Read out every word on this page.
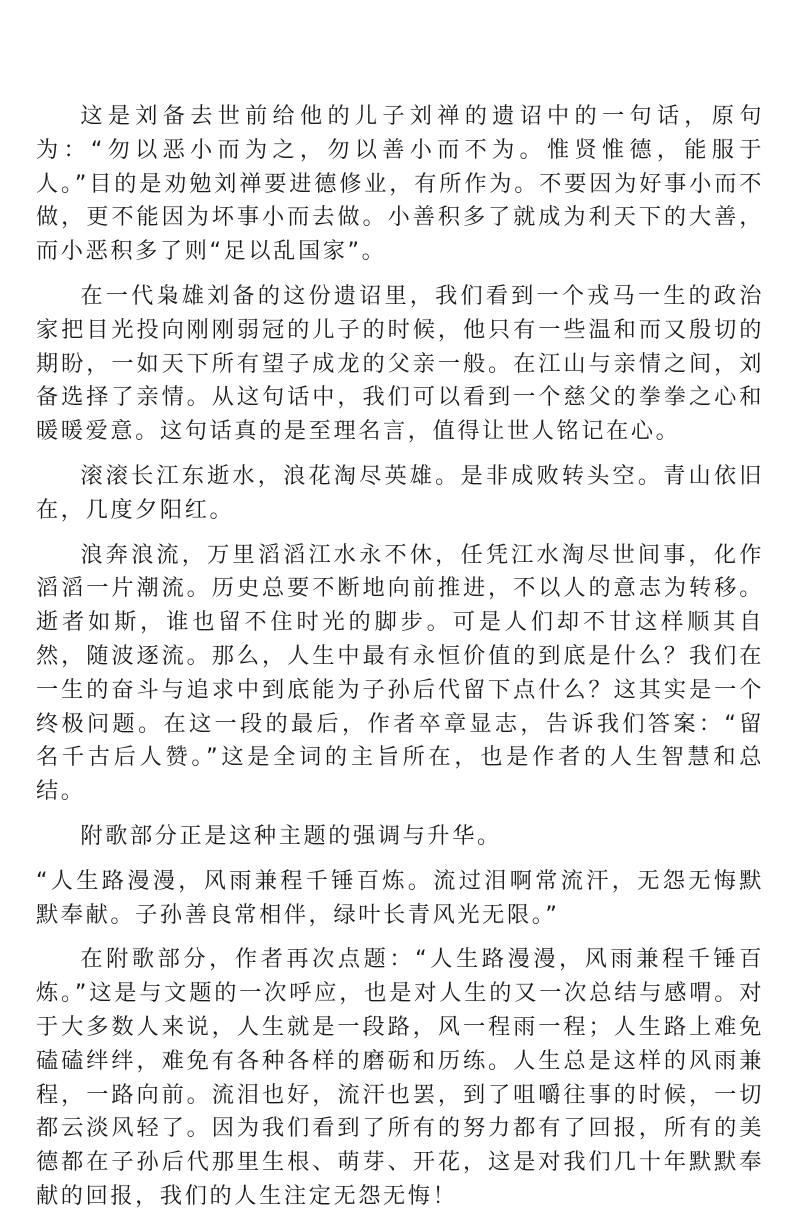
这是刘备去世前给他的儿子刘禅的遗诏中的一句话，原句为：“勿以恶小而为之，勿以善小而不为。惟贤惟德，能服于人。”目的是劝勉刘禅要进德修业，有所作为。不要因为好事小而不做，更不能因为坏事小而去做。小善积多了就成为利天下的大善，而小恶积多了则“足以乱国家”。

在一代枭雄刘备的这份遗诏里，我们看到一个戎马一生的政治家把目光投向刚刚弱冠的儿子的时候，他只有一些温和而又殷切的期盼，一如天下所有望子成龙的父亲一般。在江山与亲情之间，刘备选择了亲情。从这句话中，我们可以看到一个慈父的拳拳之心和暖暖爱意。这句话真的是至理名言，值得让世人铭记在心。

滚滚长江东逝水，浪花淘尽英雄。是非成败转头空。青山依旧在，几度夕阳红。

浪奔浪流，万里滔滔江水永不休，任凭江水淘尽世间事，化作滔滔一片潮流。历史总要不断地向前推进，不以人的意志为转移。逝者如斯，谁也留不住时光的脚步。可是人们却不甘这样顺其自然，随波逐流。那么，人生中最有永恒价值的到底是什么？我们在一生的奋斗与追求中到底能为子孙后代留下点什么？这其实是一个终极问题。在这一段的最后，作者卒章显志，告诉我们答案：“留名千古后人赞。”这是全词的主旨所在，也是作者的人生智慧和总结。

附歌部分正是这种主题的强调与升华。

“人生路漫漫，风雨兼程千锤百炼。流过泪啊常流汗，无怨无悔默默奉献。子孙善良常相伴，绿叶长青风光无限。”

在附歌部分，作者再次点题：“人生路漫漫，风雨兼程千锤百炼。”这是与文题的一次呼应，也是对人生的又一次总结与感喟。对于大多数人来说，人生就是一段路，风一程雨一程；人生路上难免磕磕绊绊，难免有各种各样的磨砺和历练。人生总是这样的风雨兼程，一路向前。流泪也好，流汗也罢，到了咀嚼往事的时候，一切都云淡风轻了。因为我们看到了所有的努力都有了回报，所有的美德都在子孙后代那里生根、萌芽、开花，这是对我们几十年默默奉献的回报，我们的人生注定无怨无悔！
